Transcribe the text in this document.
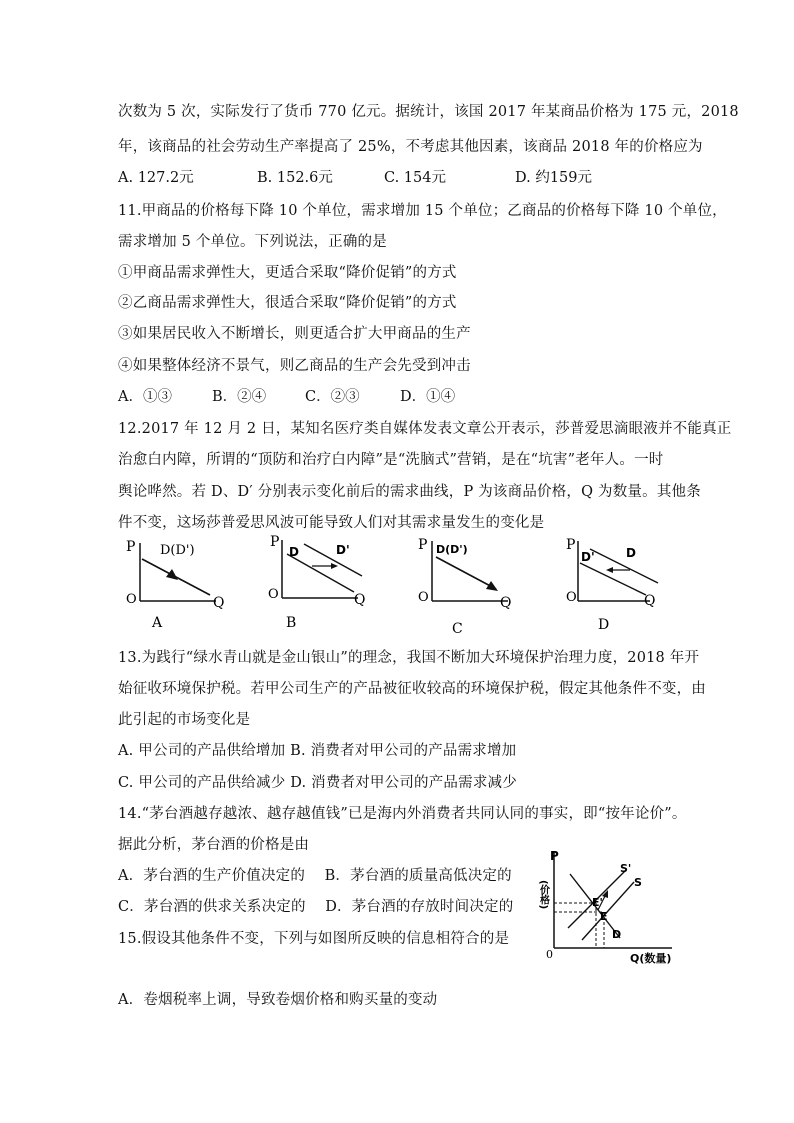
次数为 5 次，实际发行了货币 770 亿元。据统计，该国 2017 年某商品价格为 175 元，2018
年，该商品的社会劳动生产率提高了 25%，不考虑其他因素，该商品 2018 年的价格应为
A. 127.2元	B. 152.6元	C. 154元	D. 约159元
11.甲商品的价格每下降 10 个单位，需求增加 15 个单位；乙商品的价格每下降 10 个单位，
需求增加 5 个单位。下列说法，正确的是
①甲商品需求弹性大，更适合采取“降价促销”的方式
②乙商品需求弹性大，很适合采取“降价促销”的方式
③如果居民收入不断增长，则更适合扩大甲商品的生产
④如果整体经济不景气，则乙商品的生产会先受到冲击
A．①③	B．②④	C．②③	D．①④
12.2017 年 12 月 2 日，某知名医疗类自媒体发表文章公开表示，莎普爱思滴眼液并不能真正
治愈白内障，所谓的“顶防和治疗白内障”是“洗脑式”营销，是在“坑害”老年人。一时
舆论哗然。若 D、D′ 分别表示变化前后的需求曲线，P 为该商品价格，Q 为数量。其他条
件不变，这场莎普爱思风波可能导致人们对其需求量发生的变化是
P
O	Q
D(D')
A
P
O	Q
D	D'
B
P
O	Q
D(D')
C
P
O	Q
D'	D
D
13.为践行“绿水青山就是金山银山”的理念，我国不断加大环境保护治理力度，2018 年开
始征收环境保护税。若甲公司生产的产品被征收较高的环境保护税，假定其他条件不变，由
此引起的市场变化是
A. 甲公司的产品供给增加 B. 消费者对甲公司的产品需求增加
C. 甲公司的产品供给减少 D. 消费者对甲公司的产品需求减少
14.“茅台酒越存越浓、越存越值钱”已是海内外消费者共同认同的事实，即“按年论价”。
据此分析，茅台酒的价格是由
A．茅台酒的生产价值决定的　 B．茅台酒的质量高低决定的
C．茅台酒的供求关系决定的　 D．茅台酒的存放时间决定的
15.假设其他条件不变，下列与如图所反映的信息相符合的是
P
(价格)
0	Q(数量)
S'
S
E'
E
D
A．卷烟税率上调，导致卷烟价格和购买量的变动
